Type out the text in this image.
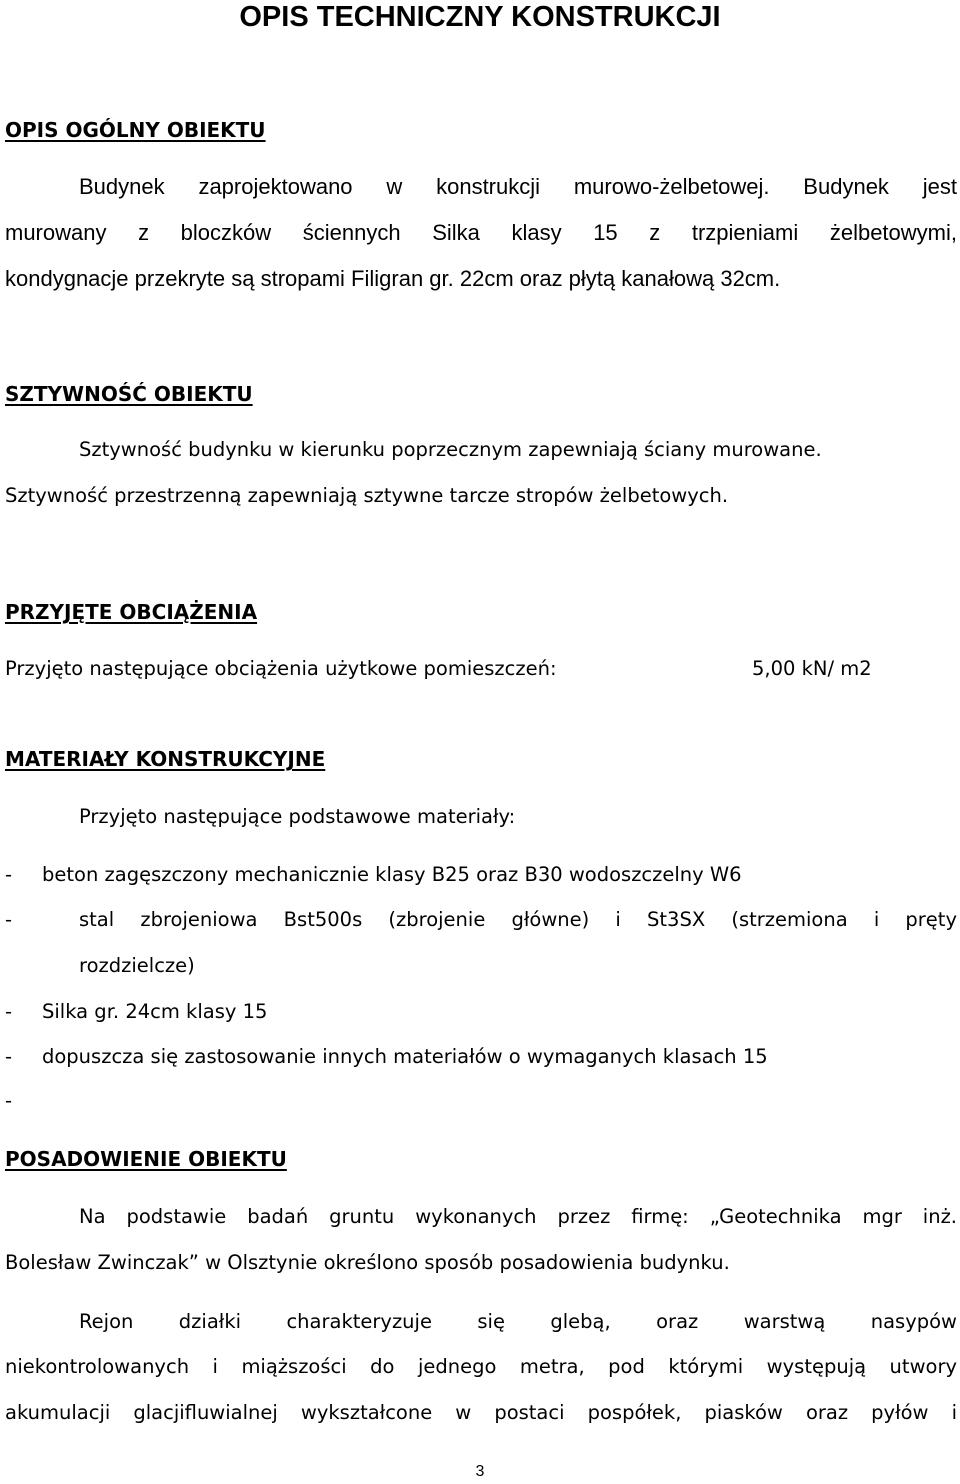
OPIS TECHNICZNY KONSTRUKCJI
OPIS OGÓLNY OBIEKTU
Budynek zaprojektowano w konstrukcji murowo-żelbetowej. Budynek jest
murowany z bloczków ściennych Silka klasy 15 z trzpieniami żelbetowymi,
kondygnacje przekryte są stropami Filigran gr. 22cm oraz płytą kanałową 32cm.
SZTYWNOŚĆ OBIEKTU
Sztywność budynku w kierunku poprzecznym zapewniają ściany murowane.
Sztywność przestrzenną zapewniają sztywne tarcze stropów żelbetowych.
PRZYJĘTE OBCIĄŻENIA
Przyjęto następujące obciążenia użytkowe pomieszczeń:	5,00 kN/ m2
MATERIAŁY KONSTRUKCYJNE
Przyjęto następujące podstawowe materiały:
- beton zagęszczony mechanicznie klasy B25 oraz B30 wodoszczelny W6
-	stal zbrojeniowa Bst500s (zbrojenie główne) i St3SX (strzemiona i pręty
rozdzielcze)
- Silka gr. 24cm klasy 15
- dopuszcza się zastosowanie innych materiałów o wymaganych klasach 15
-
POSADOWIENIE OBIEKTU
Na podstawie badań gruntu wykonanych przez firmę: „Geotechnika mgr inż.
Bolesław Zwinczak” w Olsztynie określono sposób posadowienia budynku.
Rejon działki charakteryzuje się glebą, oraz warstwą nasypów
niekontrolowanych i miąższości do jednego metra, pod którymi występują utwory
akumulacji glacjifluwialnej wykształcone w postaci pospółek, piasków oraz pyłów i
3
